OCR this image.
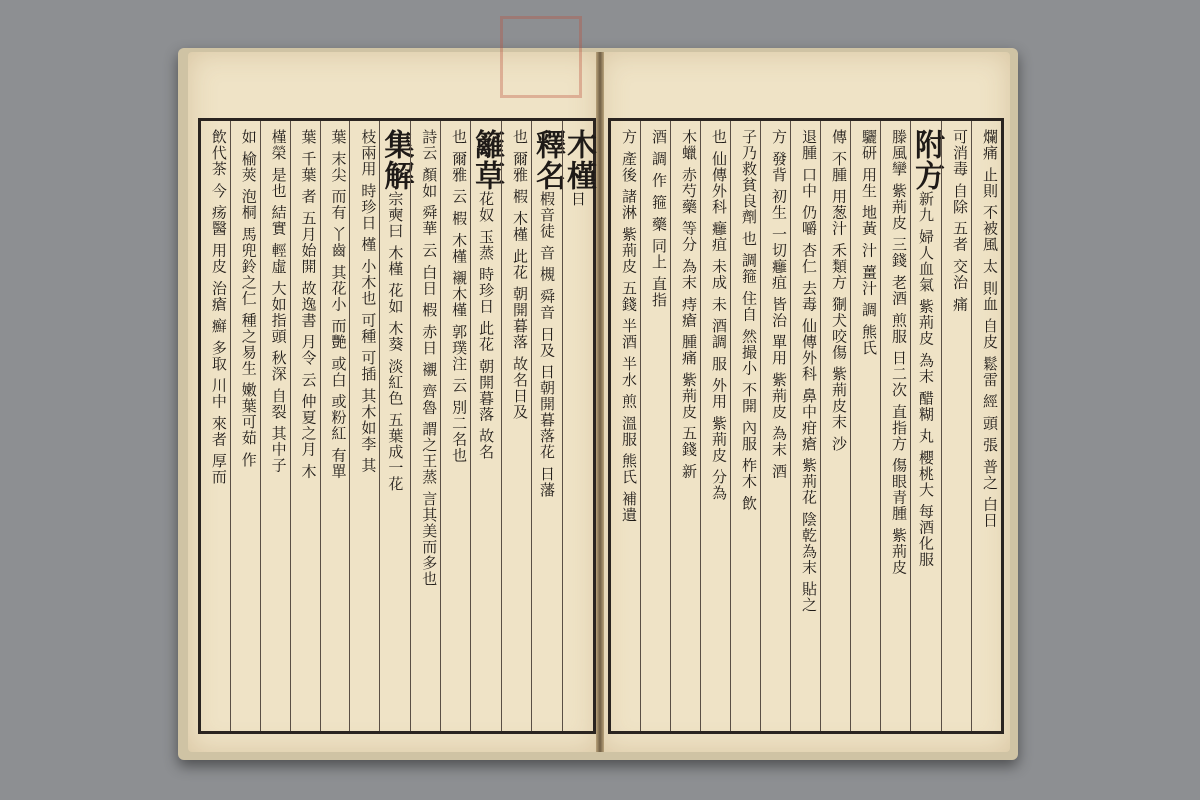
木槿日
釋名椵音徒 音 槻 舜音 日及 日朝開暮落花 日藩
也 爾雅 椵 木槿 此花 朝開暮落 故名日及
籬草花奴 玉蒸 時珍日 此花 朝開暮落 故名
也 爾雅 云 椵 木槿 襯木槿 郭璞注 云 別二名也
詩云 顏如 舜華 云 白日 椵 赤日 襯 齊魯 謂之王蒸 言其美而多也
集解宗奭曰 木槿 花如 木葵 淡紅色 五葉成一花
枝兩用 時珍日 槿 小木也 可種 可插 其木如李 其
葉 末尖 而有 丫齒 其花小 而艷 或白 或粉紅 有單
葉 千葉 者 五月始開 故逸書 月令 云 仲夏之月 木
槿榮 是也 結實 輕虛 大如指頭 秋深 自裂 其中子
如 榆莢 泡桐 馬兜鈴之仁 種之易生 嫩葉可茹 作
飲代茶 今 疡醫 用皮 治瘡 癬 多取 川中 來者 厚而	爛痛 止則 不被風 太 則血 自皮 鬆雷 經 頭 張 普之 白日
可消毒 自除 五者 交治 痛
附方新九 婦人血氣 紫荊皮 為末 醋糊 丸 櫻桃大 每酒化服
滕風攣 紫荊皮 三錢 老酒 煎服 日二次 直指方 傷眼青腫 紫荊皮
驪研 用生 地黃 汁 薑汁 調 熊氏
傳 不腫 用葱汁 禾類方 猘犬咬傷 紫荊皮末 沙
退腫 口中 仍嚼 杏仁 去毒 仙傳外科 鼻中疳瘡 紫荊花 陰乾為末 貼之
方 發背 初生 一切癰疽 皆治 單用 紫荊皮 為末 酒
子乃救貧良劑 也 調箍 住自 然撮小 不開 內服 柞木 飲
也 仙傳外科 癰疽 未成 未 酒調 服 外用 紫荊皮 分為
木蠟 赤芍藥 等分 為末 痔瘡 腫痛 紫荊皮 五錢 新
酒 調 作 箍 藥 同上 直指
方 產後 諸淋 紫荊皮 五錢 半酒 半水 煎 溫服 熊氏 補遺
